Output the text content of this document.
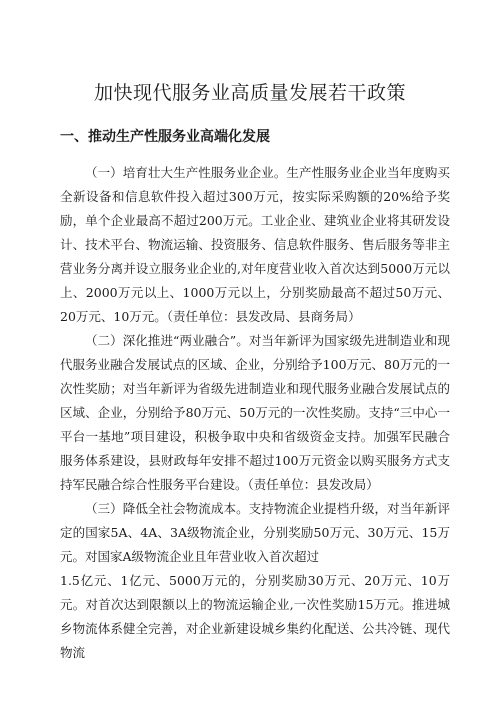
加快现代服务业高质量发展若干政策
一、推动生产性服务业高端化发展

（一）培育壮大生产性服务业企业。生产性服务业企业当年度购买全新设备和信息软件投入超过300万元，按实际采购额的20%给予奖励，单个企业最高不超过200万元。工业企业、建筑业企业将其研发设计、技术平台、物流运输、投资服务、信息软件服务、售后服务等非主营业务分离并设立服务业企业的,对年度营业收入首次达到5000万元以上、2000万元以上、1000万元以上，分别奖励最高不超过50万元、20万元、10万元。（责任单位：县发改局、县商务局）

（二）深化推进“两业融合”。对当年新评为国家级先进制造业和现代服务业融合发展试点的区域、企业，分别给予100万元、80万元的一次性奖励；对当年新评为省级先进制造业和现代服务业融合发展试点的区域、企业，分别给予80万元、50万元的一次性奖励。支持“三中心一平台一基地”项目建设，积极争取中央和省级资金支持。加强军民融合服务体系建设，县财政每年安排不超过100万元资金以购买服务方式支持军民融合综合性服务平台建设。（责任单位：县发改局）

（三）降低全社会物流成本。支持物流企业提档升级，对当年新评定的国家5A、4A、3A级物流企业，分别奖励50万元、30万元、15万元。对国家A级物流企业且年营业收入首次超过

1.5亿元、1亿元、5000万元的，分别奖励30万元、20万元、10万元。对首次达到限额以上的物流运输企业,一次性奖励15万元。推进城乡物流体系健全完善，对企业新建设城乡集约化配送、公共冷链、现代物流
